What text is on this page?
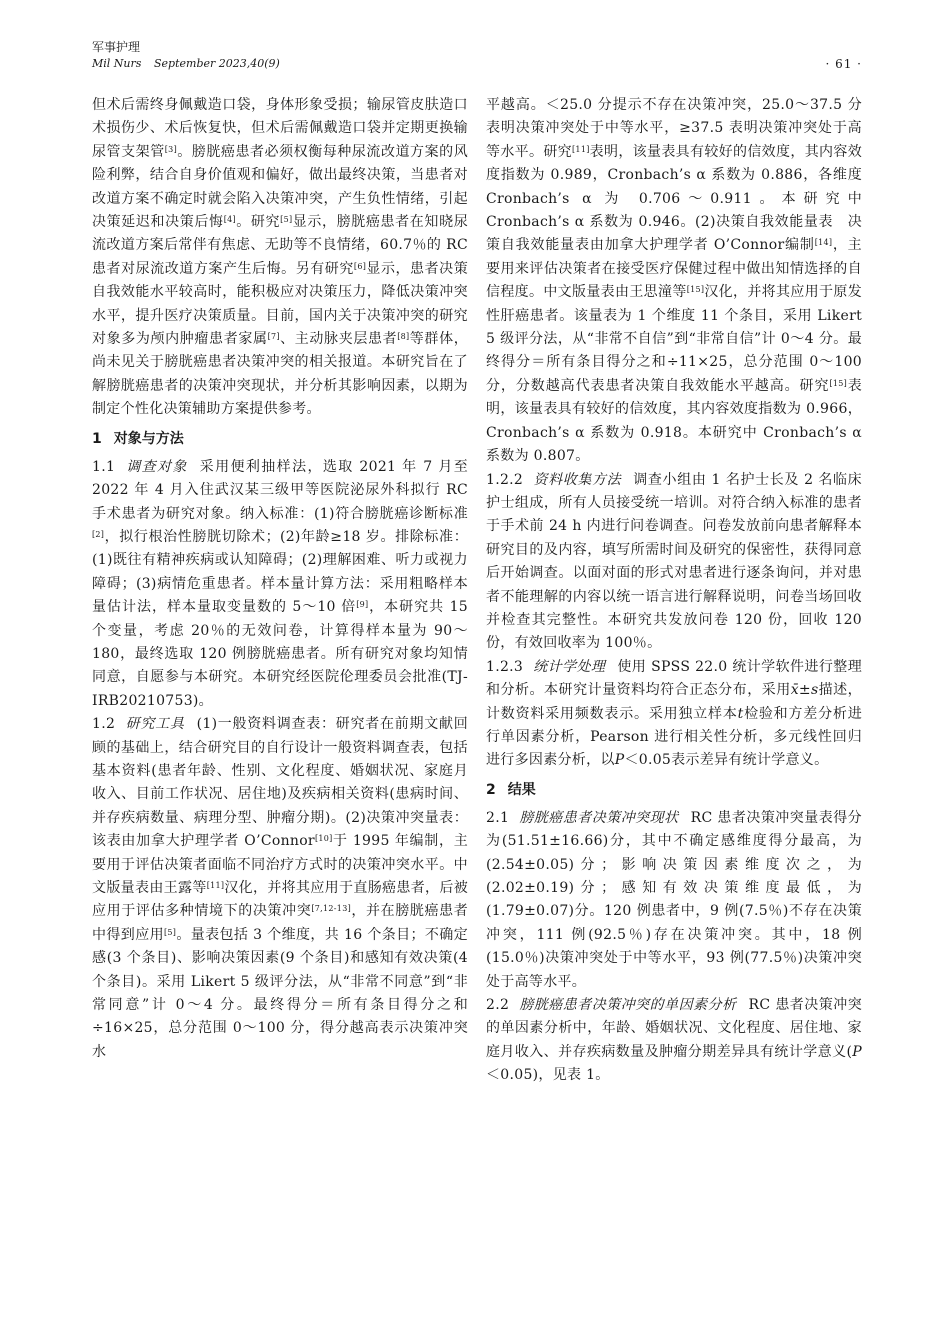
军事护理
Mil Nurs September 2023,40(9)	· 61 ·

但术后需终身佩戴造口袋，身体形象受损；输尿管皮肤造口术损伤少、术后恢复快，但术后需佩戴造口袋并定期更换输尿管支架管[3]。膀胱癌患者必须权衡每种尿流改道方案的风险利弊，结合自身价值观和偏好，做出最终决策，当患者对改道方案不确定时就会陷入决策冲突，产生负性情绪，引起决策延迟和决策后悔[4]。研究[5]显示，膀胱癌患者在知晓尿流改道方案后常伴有焦虑、无助等不良情绪，60.7％的 RC 患者对尿流改道方案产生后悔。另有研究[6]显示，患者决策自我效能水平较高时，能积极应对决策压力，降低决策冲突水平，提升医疗决策质量。目前，国内关于决策冲突的研究对象多为颅内肿瘤患者家属[7]、主动脉夹层患者[8]等群体，尚未见关于膀胱癌患者决策冲突的相关报道。本研究旨在了解膀胱癌患者的决策冲突现状，并分析其影响因素，以期为制定个性化决策辅助方案提供参考。

1 对象与方法

1.1 调查对象 采用便利抽样法，选取 2021 年 7 月至 2022 年 4 月入住武汉某三级甲等医院泌尿外科拟行 RC 手术患者为研究对象。纳入标准：(1)符合膀胱癌诊断标准[2]，拟行根治性膀胱切除术；(2)年龄≥18 岁。排除标准：(1)既往有精神疾病或认知障碍；(2)理解困难、听力或视力障碍；(3)病情危重患者。样本量计算方法：采用粗略样本量估计法，样本量取变量数的 5～10 倍[9]，本研究共 15 个变量，考虑 20％的无效问卷，计算得样本量为 90～180，最终选取 120 例膀胱癌患者。所有研究对象均知情同意，自愿参与本研究。本研究经医院伦理委员会批准(TJ-IRB20210753)。

1.2 研究工具 (1)一般资料调查表：研究者在前期文献回顾的基础上，结合研究目的自行设计一般资料调查表，包括基本资料(患者年龄、性别、文化程度、婚姻状况、家庭月收入、目前工作状况、居住地)及疾病相关资料(患病时间、并存疾病数量、病理分型、肿瘤分期)。(2)决策冲突量表：该表由加拿大护理学者 O’Connor[10]于 1995 年编制，主要用于评估决策者面临不同治疗方式时的决策冲突水平。中文版量表由王露等[11]汉化，并将其应用于直肠癌患者，后被应用于评估多种情境下的决策冲突[7,12-13]，并在膀胱癌患者中得到应用[5]。量表包括 3 个维度，共 16 个条目；不确定感(3 个条目)、影响决策因素(9 个条目)和感知有效决策(4 个条目)。采用 Likert 5 级评分法，从“非常不同意”到“非常同意”计 0～4 分。最终得分＝所有条目得分之和÷16×25，总分范围 0～100 分，得分越高表示决策冲突水

平越高。＜25.0 分提示不存在决策冲突，25.0～37.5 分表明决策冲突处于中等水平，≥37.5 表明决策冲突处于高等水平。研究[11]表明，该量表具有较好的信效度，其内容效度指数为 0.989，Cronbach’s α 系数为 0.886，各维度 Cronbach’s α 为 0.706～0.911。本研究中 Cronbach’s α 系数为 0.946。(2)决策自我效能量表　决策自我效能量表由加拿大护理学者 O’Connor编制[14]，主要用来评估决策者在接受医疗保健过程中做出知情选择的自信程度。中文版量表由王思潼等[15]汉化，并将其应用于原发性肝癌患者。该量表为 1 个维度 11 个条目，采用 Likert 5 级评分法，从“非常不自信”到“非常自信”计 0～4 分。最终得分＝所有条目得分之和÷11×25，总分范围 0～100 分，分数越高代表患者决策自我效能水平越高。研究[15]表明，该量表具有较好的信效度，其内容效度指数为 0.966，Cronbach’s α 系数为 0.918。本研究中 Cronbach’s α 系数为 0.807。

1.2.2 资料收集方法 调查小组由 1 名护士长及 2 名临床护士组成，所有人员接受统一培训。对符合纳入标准的患者于手术前 24 h 内进行问卷调查。问卷发放前向患者解释本研究目的及内容，填写所需时间及研究的保密性，获得同意后开始调查。以面对面的形式对患者进行逐条询问，并对患者不能理解的内容以统一语言进行解释说明，问卷当场回收并检查其完整性。本研究共发放问卷 120 份，回收 120 份，有效回收率为 100％。

1.2.3 统计学处理 使用 SPSS 22.0 统计学软件进行整理和分析。本研究计量资料均符合正态分布，采用x̄±s描述，计数资料采用频数表示。采用独立样本t检验和方差分析进行单因素分析，Pearson 进行相关性分析，多元线性回归进行多因素分析，以P＜0.05表示差异有统计学意义。

2 结果

2.1 膀胱癌患者决策冲突现状 RC 患者决策冲突量表得分为(51.51±16.66)分，其中不确定感维度得分最高，为(2.54±0.05)分；影响决策因素维度次之，为(2.02±0.19)分；感知有效决策维度最低，为(1.79±0.07)分。120 例患者中，9 例(7.5％)不存在决策冲突，111 例(92.5％)存在决策冲突。其中，18 例(15.0％)决策冲突处于中等水平，93 例(77.5％)决策冲突处于高等水平。

2.2 膀胱癌患者决策冲突的单因素分析 RC 患者决策冲突的单因素分析中，年龄、婚姻状况、文化程度、居住地、家庭月收入、并存疾病数量及肿瘤分期差异具有统计学意义(P＜0.05)，见表 1。
